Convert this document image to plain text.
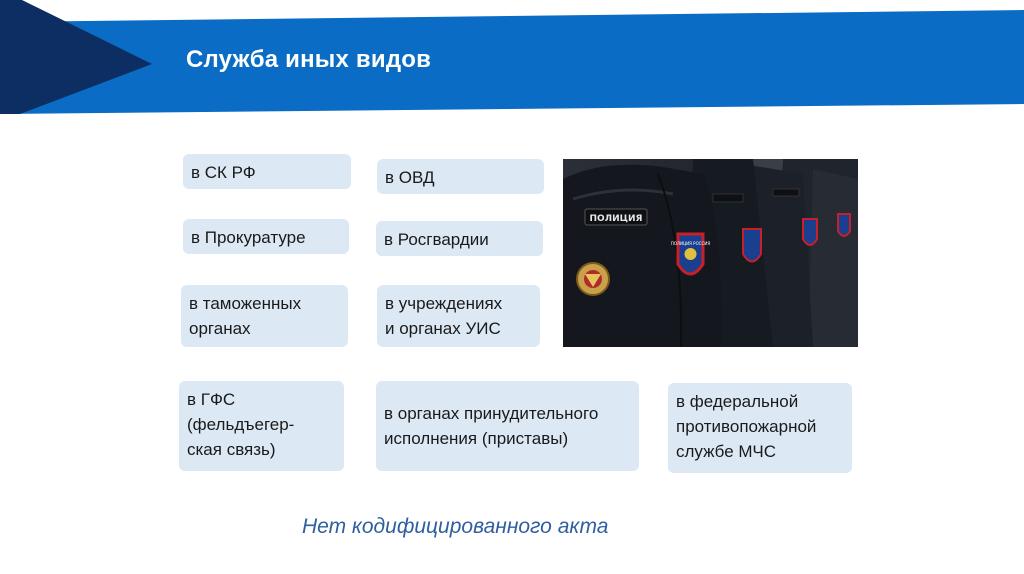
Служба иных видов
в СК РФ	в ОВД
в Прокуратуре	в Росгвардии
в таможенных
органах
в учреждениях
и органах УИС
в ГФС
(фельдъегер-
ская связь)
в органах принудительного
исполнения (приставы)
в федеральной
противопожарной
службе МЧС
ПОЛИЦИЯ
ПОЛИЦИЯ РОССИЯ
Нет кодифицированного акта
